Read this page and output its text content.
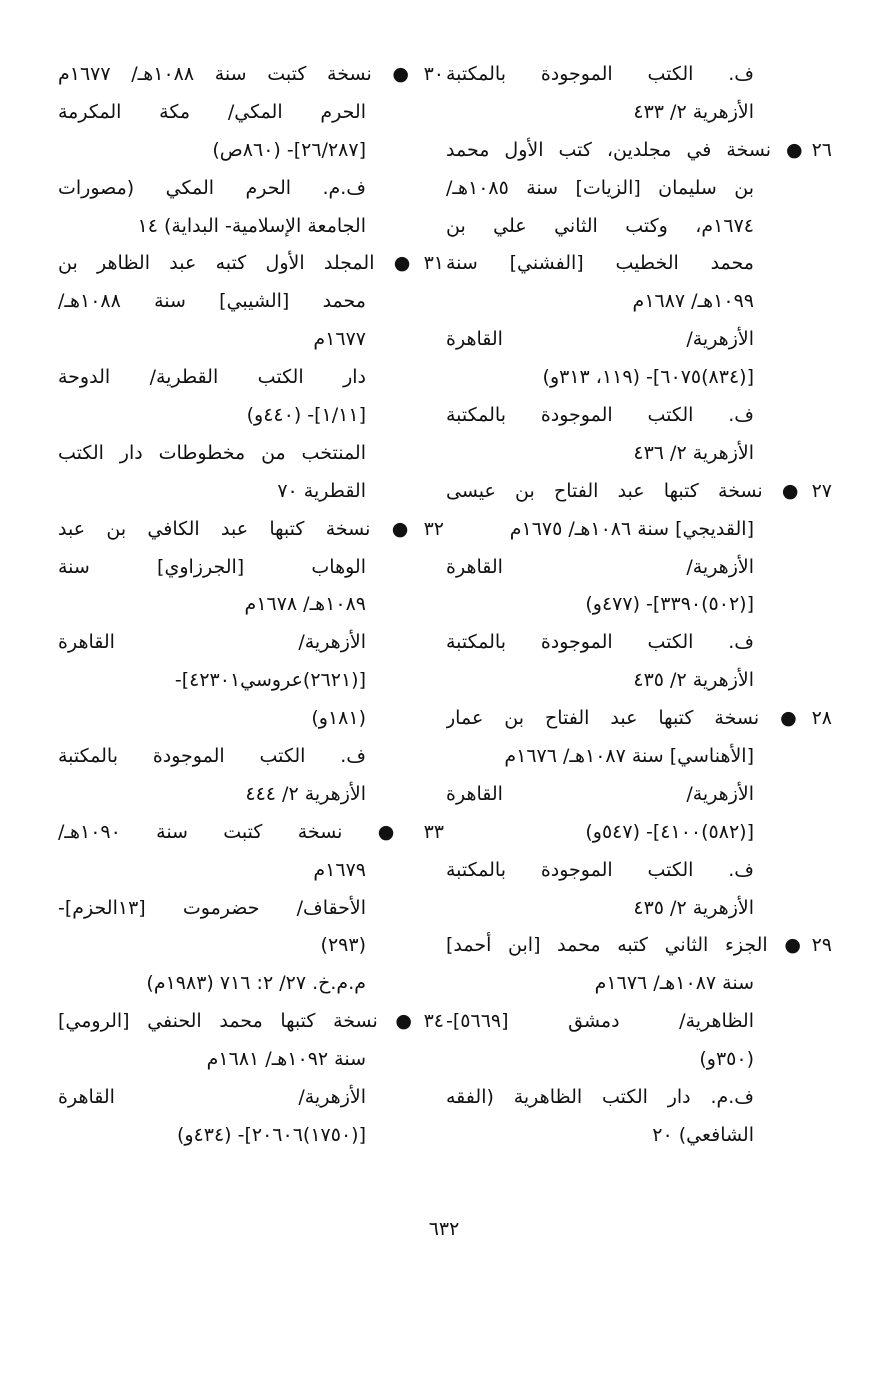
ف. الكتب الموجودة بالمكتبة
الأزهرية ٢/ ٤٣٣
٢٦● نسخة في مجلدين، كتب الأول محمد
بن سليمان [الزيات] سنة ١٠٨٥هـ/
١٦٧٤م، وكتب الثاني علي بن
محمد الخطيب [الفشني] سنة
١٠٩٩هـ/ ١٦٨٧م
الأزهرية/ القاهرة
[(٨٣٤)٦٠٧٥]- (١١٩، ٣١٣و)
ف. الكتب الموجودة بالمكتبة
الأزهرية ٢/ ٤٣٦
٢٧● نسخة كتبها عبد الفتاح بن عيسى
[القديجي] سنة ١٠٨٦هـ/ ١٦٧٥م
الأزهرية/ القاهرة
[(٥٠٢)٣٣٩٠]- (٤٧٧و)
ف. الكتب الموجودة بالمكتبة
الأزهرية ٢/ ٤٣٥
٢٨● نسخة كتبها عبد الفتاح بن عمار
[الأهناسي] سنة ١٠٨٧هـ/ ١٦٧٦م
الأزهرية/ القاهرة
[(٥٨٢)٤١٠٠]- (٥٤٧و)
ف. الكتب الموجودة بالمكتبة
الأزهرية ٢/ ٤٣٥
٢٩● الجزء الثاني كتبه محمد [ابن أحمد]
سنة ١٠٨٧هـ/ ١٦٧٦م
الظاهرية/ دمشق [٥٦٦٩]-
(٣٥٠و)
ف.م. دار الكتب الظاهرية (الفقه
الشافعي) ٢٠
٣٠● نسخة كتبت سنة ١٠٨٨هـ/ ١٦٧٧م
الحرم المكي/ مكة المكرمة
[٢٦/٢٨٧]- (٨٦٠ص)
ف.م. الحرم المكي (مصورات
الجامعة الإسلامية- البداية) ١٤
٣١● المجلد الأول كتبه عبد الظاهر بن
محمد [الشيبي] سنة ١٠٨٨هـ/
١٦٧٧م
دار الكتب القطرية/ الدوحة
[١/١١]- (٤٤٠و)
المنتخب من مخطوطات دار الكتب
القطرية ٧٠
٣٢● نسخة كتبها عبد الكافي بن عبد
الوهاب [الجرزاوي] سنة
١٠٨٩هـ/ ١٦٧٨م
الأزهرية/ القاهرة
[(٢٦٢١)عروسي٤٢٣٠١]-
(١٨١و)
ف. الكتب الموجودة بالمكتبة
الأزهرية ٢/ ٤٤٤
٣٣● نسخة كتبت سنة ١٠٩٠هـ/
١٦٧٩م
الأحقاف/ حضرموت [١٣الحزم]-
(٢٩٣)
م.م.خ. ٢٧/ ٢: ٧١٦ (١٩٨٣م)
٣٤● نسخة كتبها محمد الحنفي [الرومي]
سنة ١٠٩٢هـ/ ١٦٨١م
الأزهرية/ القاهرة
[(١٧٥٠)٢٠٦٠٦]- (٤٣٤و)
٦٣٢
